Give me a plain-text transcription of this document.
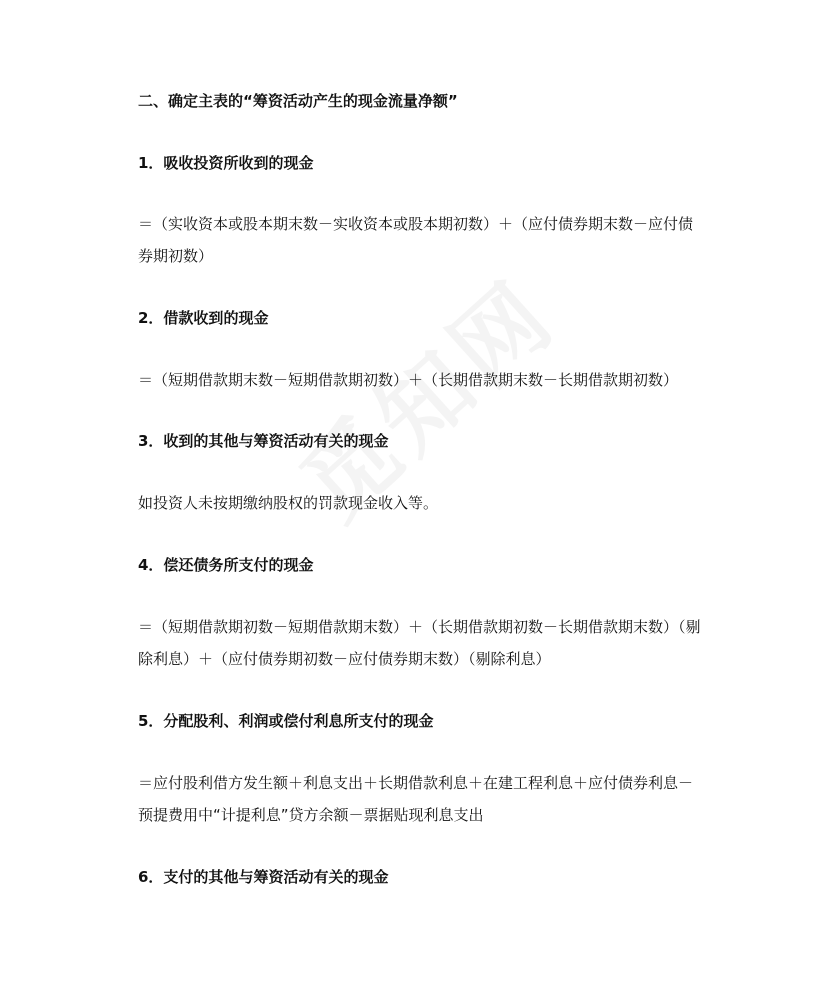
二、确定主表的“筹资活动产生的现金流量净额”
1．吸收投资所收到的现金
＝（实收资本或股本期末数－实收资本或股本期初数）＋（应付债券期末数－应付债
券期初数）
2．借款收到的现金
＝（短期借款期末数－短期借款期初数）＋（长期借款期末数－长期借款期初数）
3．收到的其他与筹资活动有关的现金
如投资人未按期缴纳股权的罚款现金收入等。
4．偿还债务所支付的现金
＝（短期借款期初数－短期借款期末数）＋（长期借款期初数－长期借款期末数）（剔
除利息）＋（应付债券期初数－应付债券期末数）（剔除利息）
5．分配股利、利润或偿付利息所支付的现金
＝应付股利借方发生额＋利息支出＋长期借款利息＋在建工程利息＋应付债券利息－
预提费用中“计提利息”贷方余额－票据贴现利息支出
6．支付的其他与筹资活动有关的现金
